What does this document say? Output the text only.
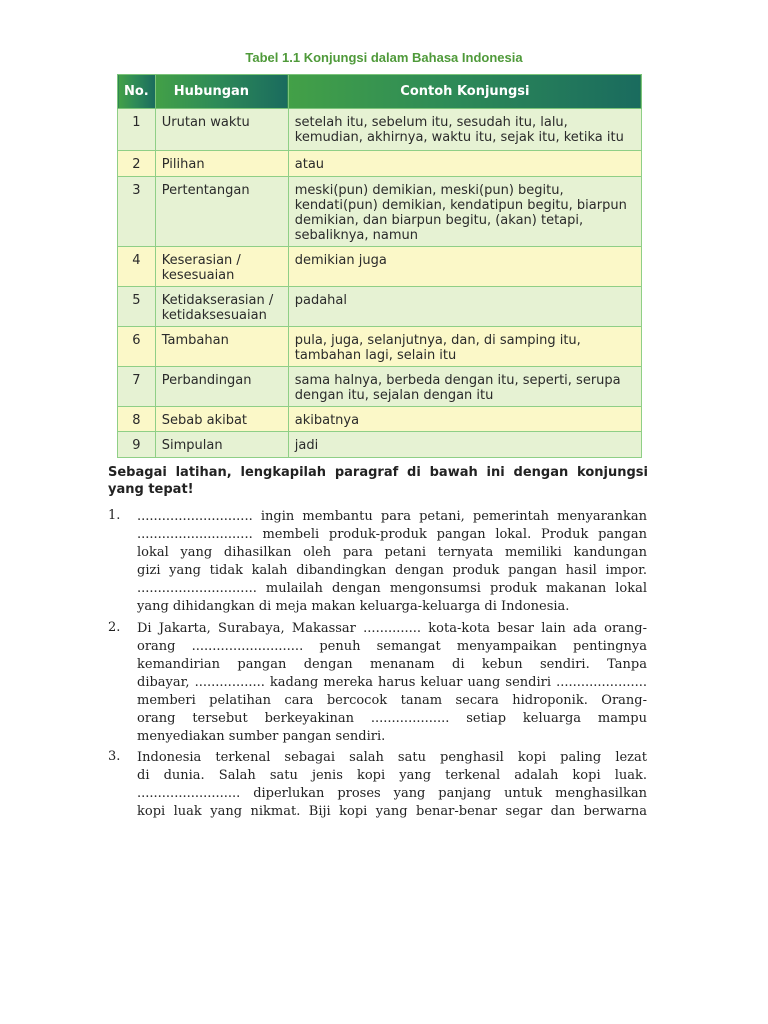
Tabel 1.1 Konjungsi dalam Bahasa Indonesia
No.	Hubungan	Contoh Konjungsi
1	Urutan waktu	setelah itu, sebelum itu, sesudah itu, lalu, kemudian, akhirnya, waktu itu, sejak itu, ketika itu
2	Pilihan	atau
3	Pertentangan	meski(pun) demikian, meski(pun) begitu, kendati(pun) demikian, kendatipun begitu, biarpun demikian, dan biarpun begitu, (akan) tetapi, sebaliknya, namun
4	Keserasian / kesesuaian	demikian juga
5	Ketidakserasian / ketidaksesuaian	padahal
6	Tambahan	pula, juga, selanjutnya, dan, di samping itu, tambahan lagi, selain itu
7	Perbandingan	sama halnya, berbeda dengan itu, seperti, serupa dengan itu, sejalan dengan itu
8	Sebab akibat	akibatnya
9	Simpulan	jadi
Sebagai latihan, lengkapilah paragraf di bawah ini dengan konjungsi yang tepat!
1.	............................ ingin membantu para petani, pemerintah menyarankan
............................ membeli produk-produk pangan lokal. Produk pangan
lokal yang dihasilkan oleh para petani ternyata memiliki kandungan
gizi yang tidak kalah dibandingkan dengan produk pangan hasil impor.
............................. mulailah dengan mengonsumsi produk makanan lokal
yang dihidangkan di meja makan keluarga-keluarga di Indonesia.
2.	Di Jakarta, Surabaya, Makassar .............. kota-kota besar lain ada orang-
orang ........................... penuh semangat menyampaikan pentingnya
kemandirian pangan dengan menanam di kebun sendiri. Tanpa
dibayar, ................. kadang mereka harus keluar uang sendiri ......................
memberi pelatihan cara bercocok tanam secara hidroponik. Orang-
orang tersebut berkeyakinan ................... setiap keluarga mampu
menyediakan sumber pangan sendiri.
3.	Indonesia terkenal sebagai salah satu penghasil kopi paling lezat
di dunia. Salah satu jenis kopi yang terkenal adalah kopi luak.
......................... diperlukan proses yang panjang untuk menghasilkan
kopi luak yang nikmat. Biji kopi yang benar-benar segar dan berwarna
